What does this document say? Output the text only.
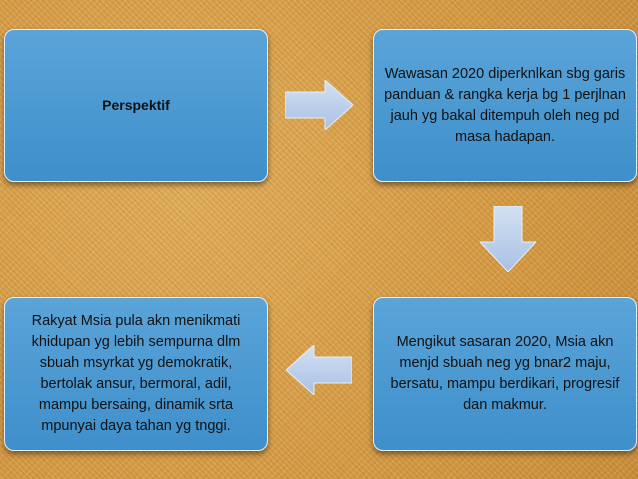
Perspektif
Wawasan 2020 diperknlkan sbg garis panduan & rangka kerja bg 1 perjlnan jauh yg bakal ditempuh oleh neg pd masa hadapan.
Rakyat Msia pula akn menikmati khidupan yg lebih sempurna dlm sbuah msyrkat yg demokratik, bertolak ansur, bermoral, adil, mampu bersaing, dinamik srta mpunyai daya tahan yg tnggi.
Mengikut sasaran 2020, Msia akn menjd sbuah neg yg bnar2 maju, bersatu, mampu berdikari, progresif dan makmur.
